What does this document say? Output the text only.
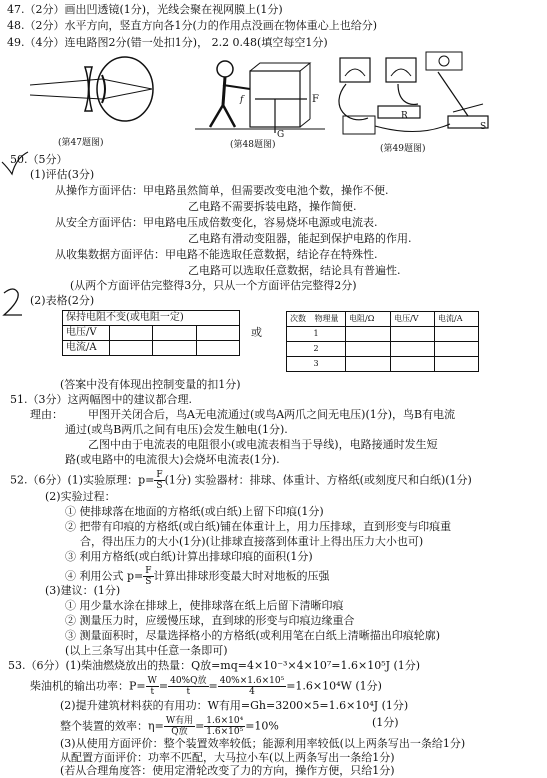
47.（2分）画出凹透镜(1分)，光线会聚在视网膜上(1分)
48.（2分）水平方向，竖直方向各1分(力的作用点没画在物体重心上也给分)
49.（4分）连电路图2分(错一处扣1分)， 2.2 0.48(填空每空1分)
(第47题图)
F
f
G
(第48题图)
R
S
(第49题图)
50.（5分）
(1)评估(3分)
从操作方面评估：甲电路虽然简单，但需要改变电池个数，操作不便.
乙电路不需要拆装电路，操作简便.
从安全方面评估：甲电路电压成倍数变化，容易烧坏电源或电流表.
乙电路有滑动变阻器，能起到保护电路的作用.
从收集数据方面评估：甲电路不能选取任意数据，结论存在特殊性.
乙电路可以选取任意数据，结论具有普遍性.
(从两个方面评估完整得3分，只从一个方面评估完整得2分)
(2)表格(2分)
保持电阻不变(或电阻一定)			
电压/V			
电流/A			
或
次数 物理量	电阻/Ω	电压/V	电流/A
1			
2			
3			
(答案中没有体现出控制变量的扣1分)
51.（3分）这两幅图中的建议都合理.
理由： 甲图开关闭合后，鸟A无电流通过(或鸟A两爪之间无电压)(1分)，鸟B有电流
通过(或鸟B两爪之间有电压)会发生触电(1分).
乙图中由于电流表的电阻很小(或电流表相当于导线)，电路接通时发生短
路(或电路中的电流很大)会烧坏电流表(1分).
52.（6分）(1)实验原理：$p= \frac{F}{S} (1$分) 实验器材：排球、体重计、方格纸(或刻度尺和白纸)(1分)
(2)实验过程：
① 使排球落在地面的方格纸(或白纸)上留下印痕(1分)
② 把带有印痕的方格纸(或白纸)铺在体重计上，用力压排球，直到形变与印痕重
合，得出压力的大小(1分)(让排球直接落到体重计上得出压力大小也可)
③ 利用方格纸(或白纸)计算出排球印痕的面积(1分)
④ 利用公式 $p= \frac{F}{S}$ 计算出排球形变最大时对地板的压强
(3)建议：(1分)
① 用少量水涂在排球上，使排球落在纸上后留下清晰印痕
② 测量压力时，应缓慢压球，直到球的形变与印痕边缘重合
③ 测量面积时，尽量选择格小的方格纸(或利用笔在白纸上清晰描出印痕轮廓)
(以上三条写出其中任意一条即可)
53.（6分）(1)柴油燃烧放出的热量：Q放=mq=4×10⁻³×4×10⁷=1.6×10⁵J (1分)
柴油机的输出功率：$P= \frac{W}{t} = \frac{\text{40\%Q放}}{t} = \frac{\text{40\%×1.6×10⁵}}{4} =1.6\times 10^4W$ (1分)
(2)提升建筑材料获的有用功：W有用=Gh=3200×5=1.6×10⁴J (1分)
整个装置的效率：$\eta= \frac{\text{W有用}}{\text{Q放}} = \frac{\text{1.6×10⁴}}{\text{1.6×10⁵}} =10\%$	(1分)
(3)从使用方面评价：整个装置效率较低；能源利用率较低(以上两条写出一条给1分)
从配置方面评价：功率不匹配，大马拉小车(以上两条写出一条给1分)
(若从合理角度答：使用定滑轮改变了力的方向，操作方便，只给1分)
